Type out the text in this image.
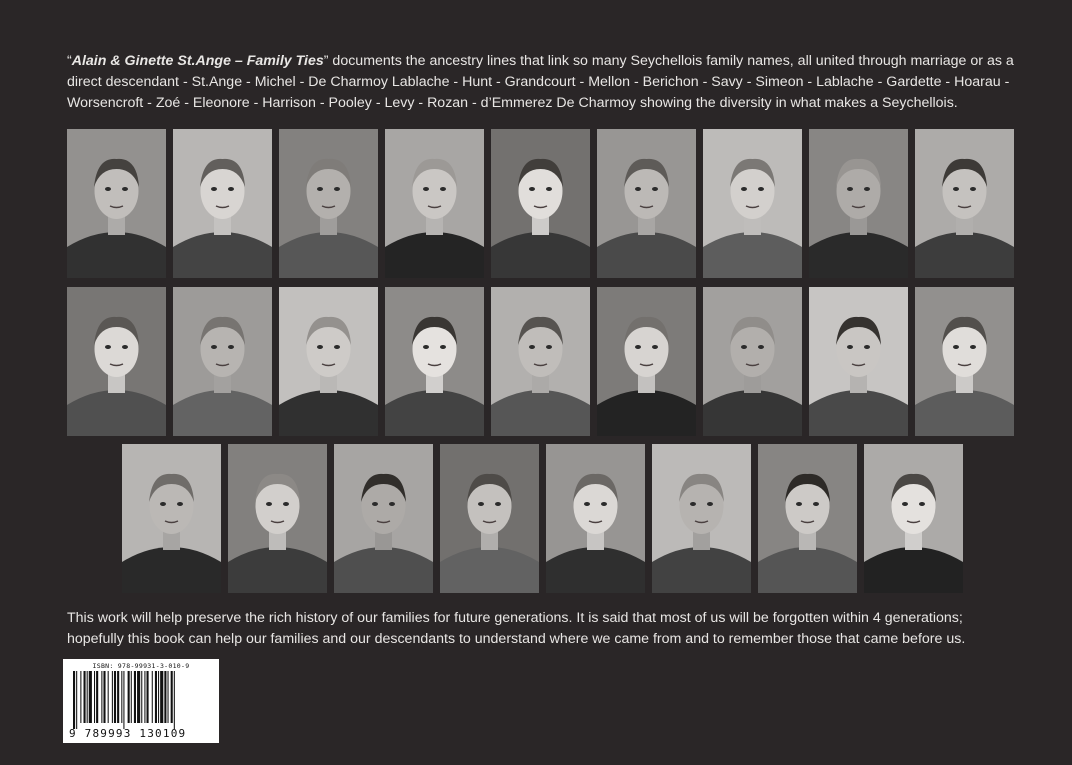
“Alain & Ginette St.Ange – Family Ties” documents the ancestry lines that link so many Seychellois family names, all united through marriage or as a direct descendant - St.Ange - Michel - De Charmoy Lablache - Hunt - Grandcourt - Mellon - Berichon - Savy - Simeon - Lablache - Gardette - Hoarau - Worsencroft - Zoé - Eleonore - Harrison - Pooley - Levy - Rozan - d’Emmerez De Charmoy showing the diversity in what makes a Seychellois.

This work will help preserve the rich history of our families for future generations. It is said that most of us will be forgotten within 4 generations; hopefully this book can help our families and our descendants to understand where we came from and to remember those that came before us.

ISBN: 978-99931-3-010-9
9 789993 130109
